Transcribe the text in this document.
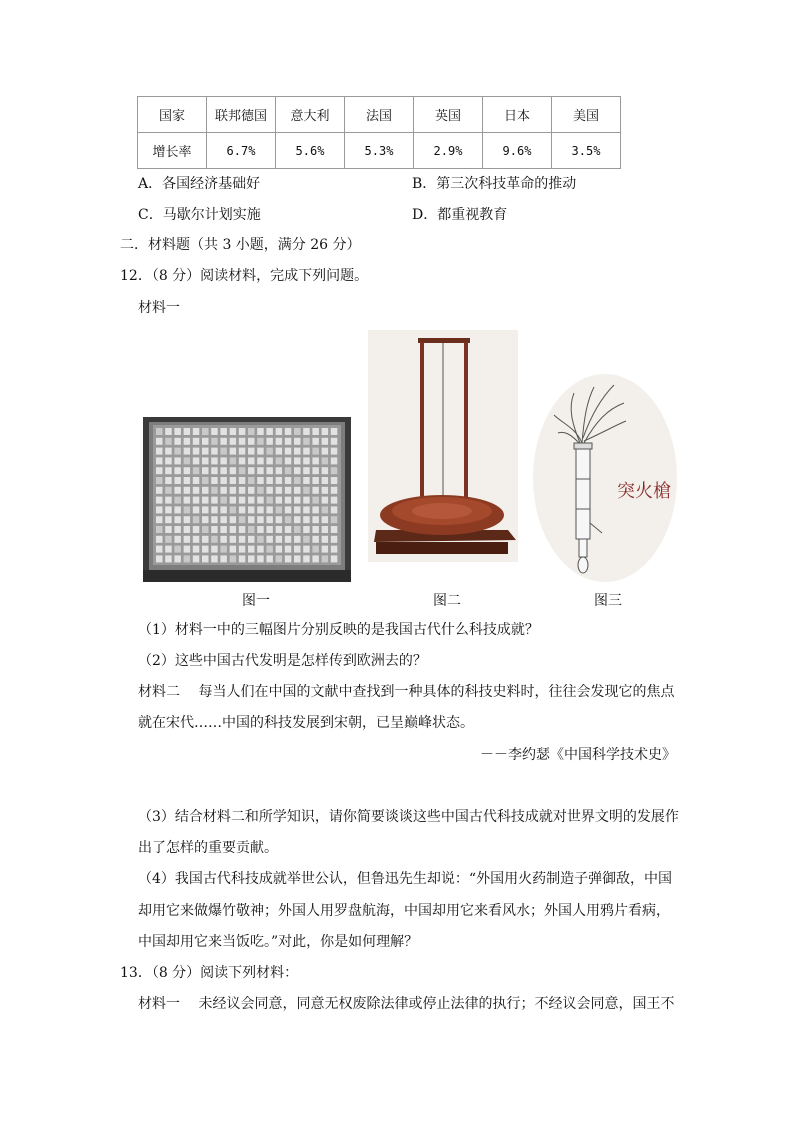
国家	联邦德国	意大利	法国	英国	日本	美国
增长率	6.7%	5.6%	5.3%	2.9%	9.6%	3.5%
A．各国经济基础好	B．第三次科技革命的推动
C．马歇尔计划实施	D．都重视教育
二．材料题（共 3 小题，满分 26 分）
12．（8 分）阅读材料，完成下列问题。
材料一
突火槍
图一	图二	图三
（1）材料一中的三幅图片分别反映的是我国古代什么科技成就？
（2）这些中国古代发明是怎样传到欧洲去的？
材料二　 每当人们在中国的文献中查找到一种具体的科技史料时，往往会发现它的焦点
就在宋代……中国的科技发展到宋朝，已呈巅峰状态。
－－李约瑟《中国科学技术史》
（3）结合材料二和所学知识，请你简要谈谈这些中国古代科技成就对世界文明的发展作
出了怎样的重要贡献。
（4）我国古代科技成就举世公认，但鲁迅先生却说：“外国用火药制造子弹御敌，中国
却用它来做爆竹敬神；外国人用罗盘航海，中国却用它来看风水；外国人用鸦片看病，
中国却用它来当饭吃。”对此，你是如何理解？
13．（8 分）阅读下列材料：
材料一　 未经议会同意，同意无权废除法律或停止法律的执行；不经议会同意，国王不
